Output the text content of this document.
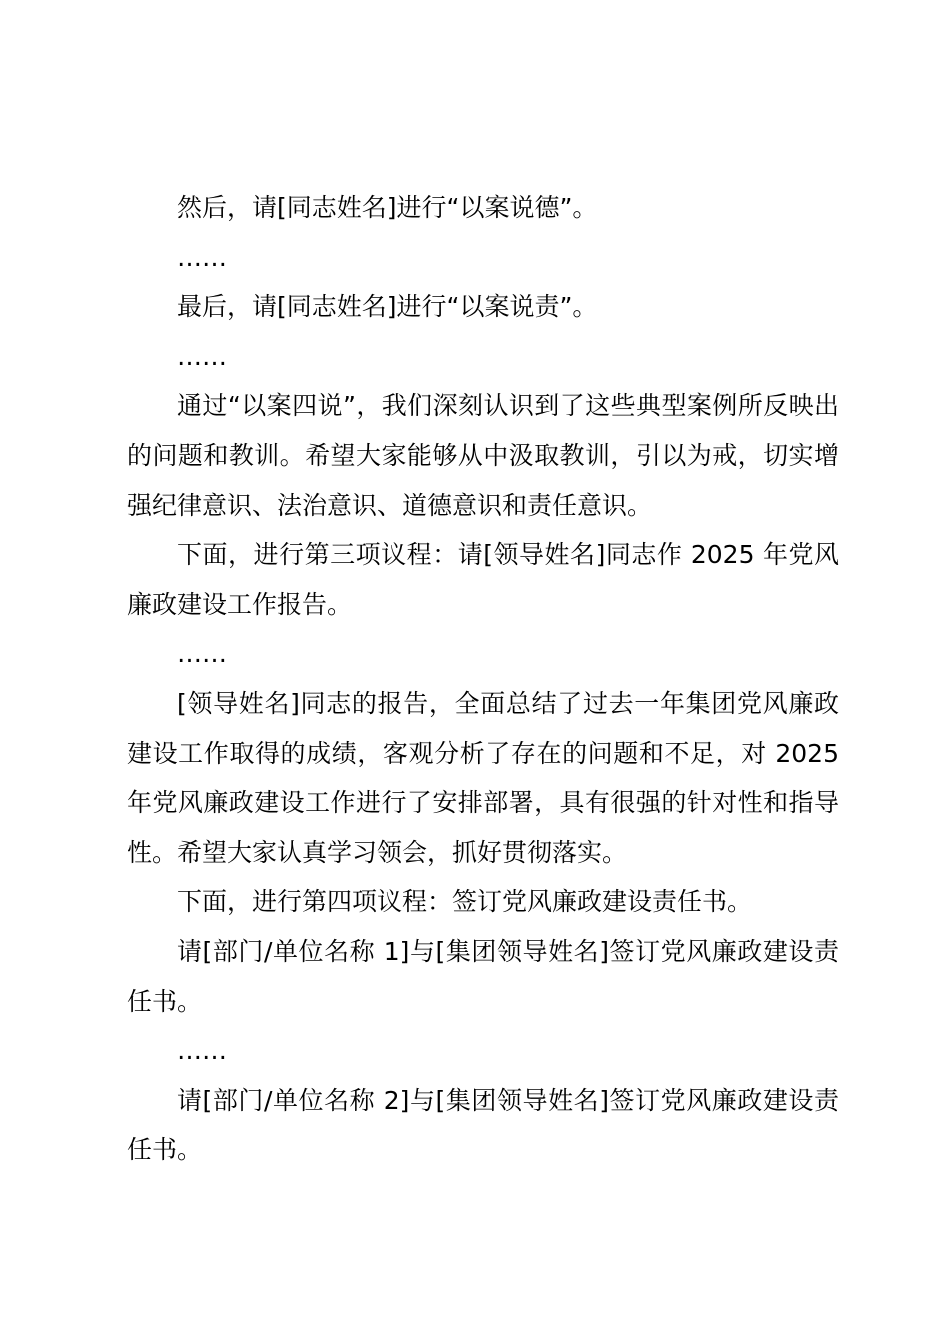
然后，请[同志姓名]进行“以案说德”。

……

最后，请[同志姓名]进行“以案说责”。

……

通过“以案四说”，我们深刻认识到了这些典型案例所反映出的问题和教训。希望大家能够从中汲取教训，引以为戒，切实增强纪律意识、法治意识、道德意识和责任意识。

下面，进行第三项议程：请[领导姓名]同志作 2025 年党风廉政建设工作报告。

……

[领导姓名]同志的报告，全面总结了过去一年集团党风廉政建设工作取得的成绩，客观分析了存在的问题和不足，对 2025 年党风廉政建设工作进行了安排部署，具有很强的针对性和指导性。希望大家认真学习领会，抓好贯彻落实。

下面，进行第四项议程：签订党风廉政建设责任书。

请[部门/单位名称 1]与[集团领导姓名]签订党风廉政建设责任书。

……

请[部门/单位名称 2]与[集团领导姓名]签订党风廉政建设责任书。
